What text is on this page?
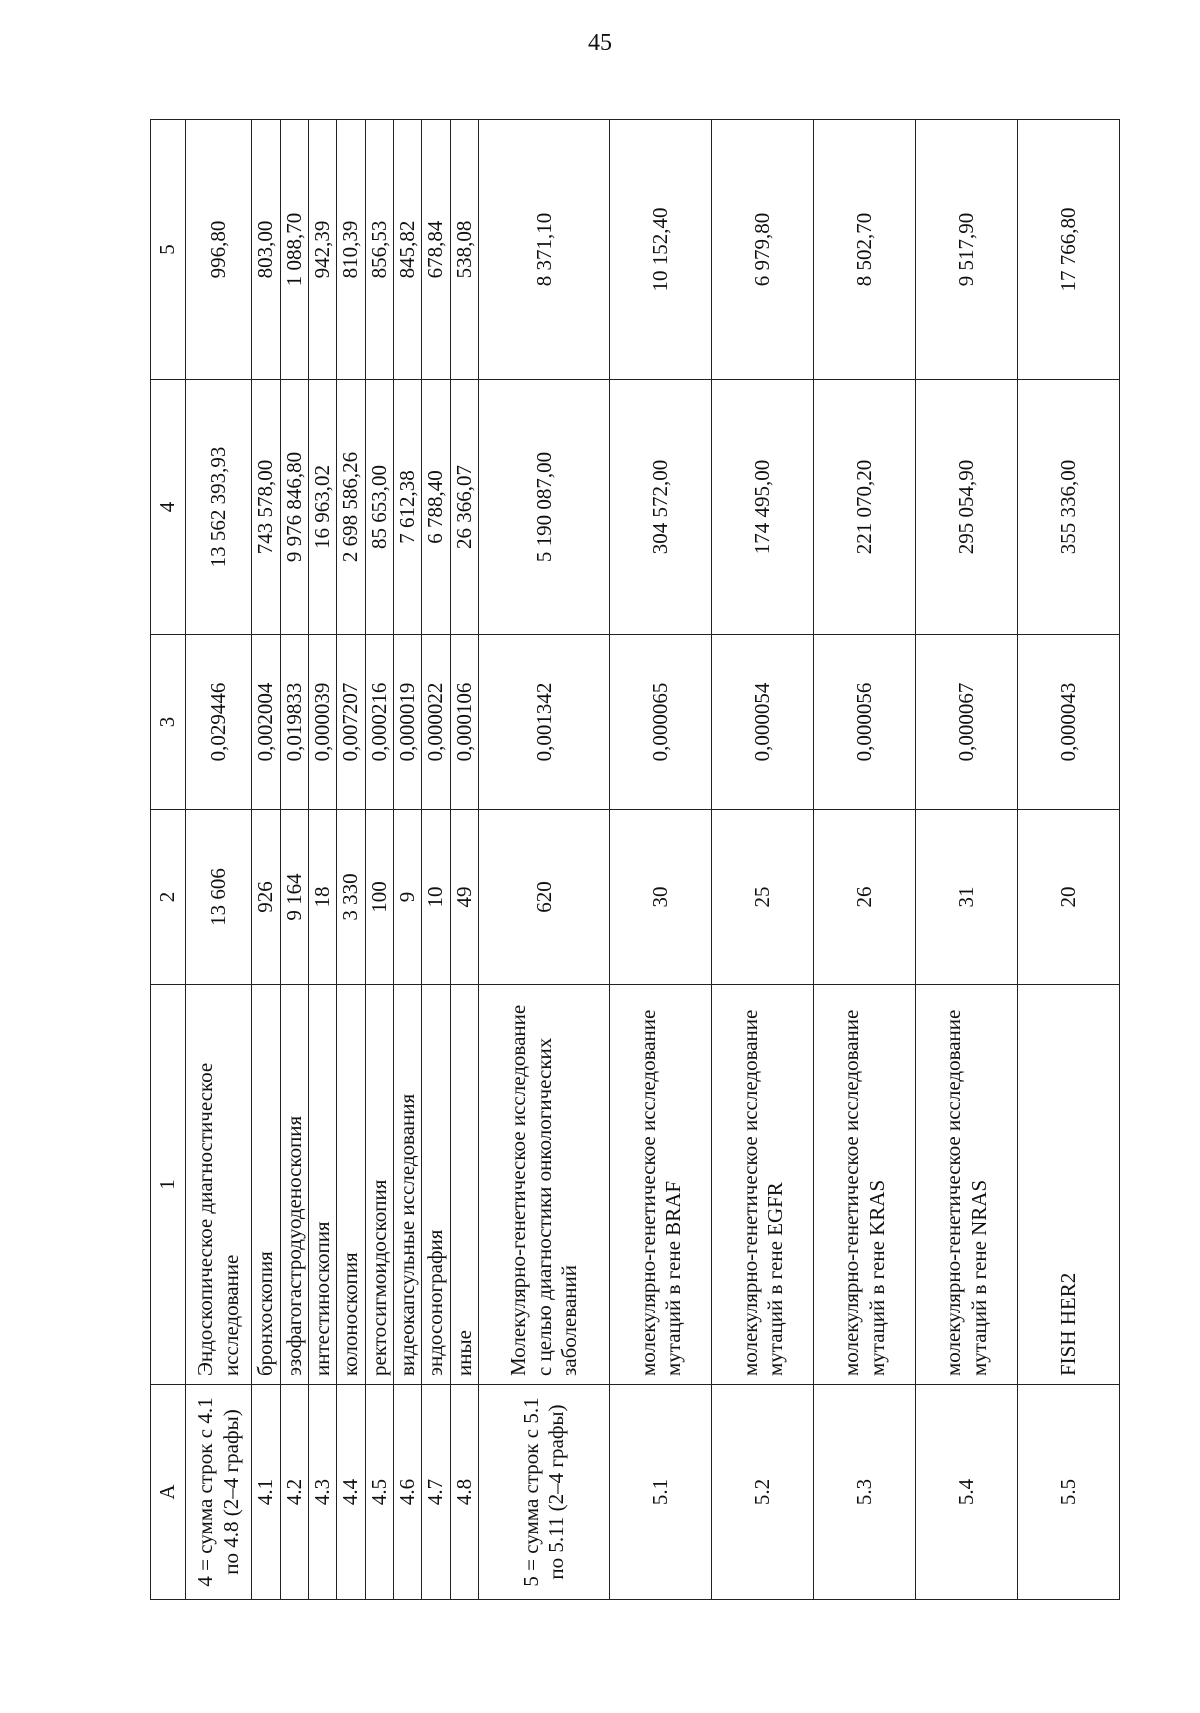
45
А	1	2	3	4	5
4 = сумма строк с 4.1 по 4.8 (2–4 графы)	Эндоскопическое диагностическое исследование	13 606	0,029446	13 562 393,93	996,80
4.1	бронхоскопия	926	0,002004	743 578,00	803,00
4.2	эзофагогастродуоденоскопия	9 164	0,019833	9 976 846,80	1 088,70
4.3	интестиноскопия	18	0,000039	16 963,02	942,39
4.4	колоноскопия	3 330	0,007207	2 698 586,26	810,39
4.5	ректосигмоидоскопия	100	0,000216	85 653,00	856,53
4.6	видеокапсульные исследования	9	0,000019	7 612,38	845,82
4.7	эндосонография	10	0,000022	6 788,40	678,84
4.8	иные	49	0,000106	26 366,07	538,08
5 = сумма строк с 5.1 по 5.11 (2–4 графы)	Молекулярно-генетическое исследование с целью диагностики онкологических заболеваний	620	0,001342	5 190 087,00	8 371,10
5.1	молекулярно-генетическое исследование мутаций в гене BRAF	30	0,000065	304 572,00	10 152,40
5.2	молекулярно-генетическое исследование мутаций в гене EGFR	25	0,000054	174 495,00	6 979,80
5.3	молекулярно-генетическое исследование мутаций в гене KRAS	26	0,000056	221 070,20	8 502,70
5.4	молекулярно-генетическое исследование мутаций в гене NRAS	31	0,000067	295 054,90	9 517,90
5.5	FISH HER2	20	0,000043	355 336,00	17 766,80
